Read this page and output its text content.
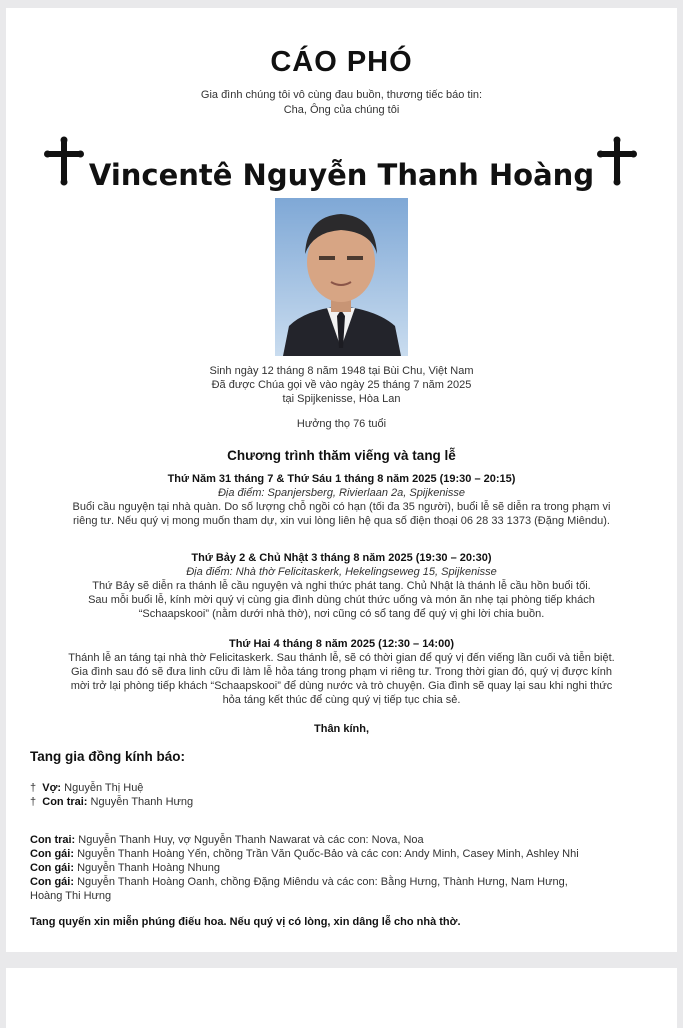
CÁO PHÓ
Gia đình chúng tôi vô cùng đau buồn, thương tiếc báo tin:
Cha, Ông của chúng tôi
Vincentê Nguyễn Thanh Hoàng
Sinh ngày 12 tháng 8 năm 1948 tại Bùi Chu, Việt Nam
Đã được Chúa gọi về vào ngày 25 tháng 7 năm 2025
tại Spijkenisse, Hòa Lan
Hưởng thọ 76 tuổi
Chương trình thăm viếng và tang lễ
Thứ Năm 31 tháng 7 & Thứ Sáu 1 tháng 8 năm 2025 (19:30 – 20:15)
Địa điểm: Spanjersberg, Rivierlaan 2a, Spijkenisse
Buổi cầu nguyện tại nhà quàn. Do số lượng chỗ ngồi có hạn (tối đa 35 người), buổi lễ sẽ diễn ra trong phạm vi
riêng tư. Nếu quý vị mong muốn tham dự, xin vui lòng liên hệ qua số điện thoại 06 28 33 1373 (Đặng Miêndu).
Thứ Bảy 2 & Chủ Nhật 3 tháng 8 năm 2025 (19:30 – 20:30)
Địa điểm: Nhà thờ Felicitaskerk, Hekelingseweg 15, Spijkenisse
Thứ Bảy sẽ diễn ra thánh lễ cầu nguyện và nghi thức phát tang. Chủ Nhật là thánh lễ cầu hồn buổi tối.
Sau mỗi buổi lễ, kính mời quý vị cùng gia đình dùng chút thức uống và món ăn nhẹ tại phòng tiếp khách
“Schaapskooi” (nằm dưới nhà thờ), nơi cũng có sổ tang để quý vị ghi lời chia buồn.
Thứ Hai 4 tháng 8 năm 2025 (12:30 – 14:00)
Thánh lễ an táng tại nhà thờ Felicitaskerk. Sau thánh lễ, sẽ có thời gian để quý vị đến viếng lần cuối và tiễn biệt.
Gia đình sau đó sẽ đưa linh cữu đi làm lễ hỏa táng trong phạm vi riêng tư. Trong thời gian đó, quý vị được kính
mời trở lại phòng tiếp khách “Schaapskooi” để dùng nước và trò chuyện. Gia đình sẽ quay lại sau khi nghi thức
hỏa táng kết thúc để cùng quý vị tiếp tục chia sẻ.
Thân kính,
Tang gia đồng kính báo:
† Vợ: Nguyễn Thị Huệ
† Con trai: Nguyễn Thanh Hưng
Con trai: Nguyễn Thanh Huy, vợ Nguyễn Thanh Nawarat và các con: Nova, Noa
Con gái: Nguyễn Thanh Hoàng Yến, chồng Trần Văn Quốc-Bảo và các con: Andy Minh, Casey Minh, Ashley Nhi
Con gái: Nguyễn Thanh Hoàng Nhung
Con gái: Nguyễn Thanh Hoàng Oanh, chồng Đặng Miêndu và các con: Bằng Hưng, Thành Hưng, Nam Hưng,
Hoàng Thi Hưng
Tang quyến xin miễn phúng điếu hoa. Nếu quý vị có lòng, xin dâng lễ cho nhà thờ.
